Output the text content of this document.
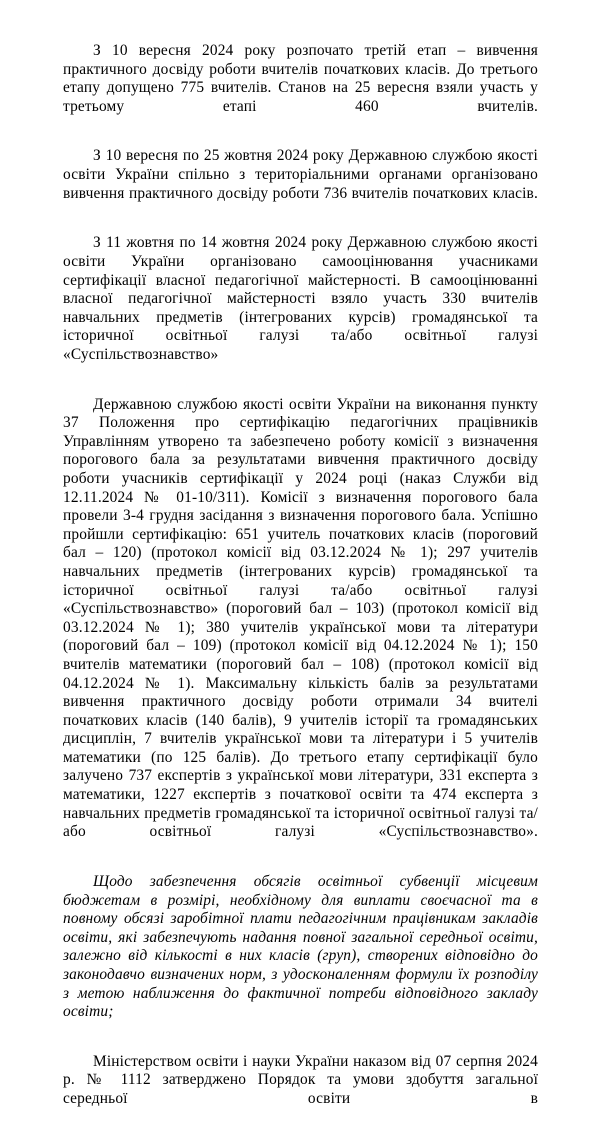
З 10 вересня 2024 року розпочато третій етап – вивчення практичного досвіду роботи вчителів початкових класів. До третього етапу допущено 775 вчителів. Станов на 25 вересня взяли участь у третьому етапі 460 вчителів.

З 10 вересня по 25 жовтня 2024 року Державною службою якості освіти України спільно з територіальними органами організовано вивчення практичного досвіду роботи 736 вчителів початкових класів.

З 11 жовтня по 14 жовтня 2024 року Державною службою якості освіти України організовано самооцінювання учасниками сертифікації власної педагогічної майстерності. В самооцінюванні власної педагогічної майстерності взяло участь 330 вчителів навчальних предметів (інтегрованих курсів) громадянської та історичної освітньої галузі та/або освітньої галузі «Суспільствознавство»

Державною службою якості освіти України на виконання пункту 37 Положення про сертифікацію педагогічних працівників Управлінням утворено та забезпечено роботу комісії з визначення порогового бала за результатами вивчення практичного досвіду роботи учасників сертифікації у 2024 році (наказ Служби від 12.11.2024 № 01-10/311). Комісії з визначення порогового бала провели 3-4 грудня засідання з визначення порогового бала. Успішно пройшли сертифікацію: 651 учитель початкових класів (пороговий бал – 120) (протокол комісії від 03.12.2024 № 1); 297 учителів навчальних предметів (інтегрованих курсів) громадянської та історичної освітньої галузі та/або освітньої галузі «Суспільствознавство» (пороговий бал – 103) (протокол комісії від 03.12.2024 № 1); 380 учителів української мови та літератури (пороговий бал – 109) (протокол комісії від 04.12.2024 № 1); 150 вчителів математики (пороговий бал – 108) (протокол комісії від 04.12.2024 № 1). Максимальну кількість балів за результатами вивчення практичного досвіду роботи отримали 34 вчителі початкових класів (140 балів), 9 учителів історії та громадянських дисциплін, 7 вчителів української мови та літератури і 5 учителів математики (по 125 балів). До третього етапу сертифікації було залучено 737 експертів з української мови літератури, 331 експерта з математики, 1227 експертів з початкової освіти та 474 експерта з навчальних предметів громадянської та історичної освітньої галузі та/або освітньої галузі «Суспільствознавство».

Щодо забезпечення обсягів освітньої субвенції місцевим бюджетам в розмірі, необхідному для виплати своєчасної та в повному обсязі заробітної плати педагогічним працівникам закладів освіти, які забезпечують надання повної загальної середньої освіти, залежно від кількості в них класів (груп), створених відповідно до законодавчо визначених норм, з удосконаленням формули їх розподілу з метою наближення до фактичної потреби відповідного закладу освіти;

Міністерством освіти і науки України наказом від 07 серпня 2024 р. № 1112 затверджено Порядок та умови здобуття загальної середньої освіти в
